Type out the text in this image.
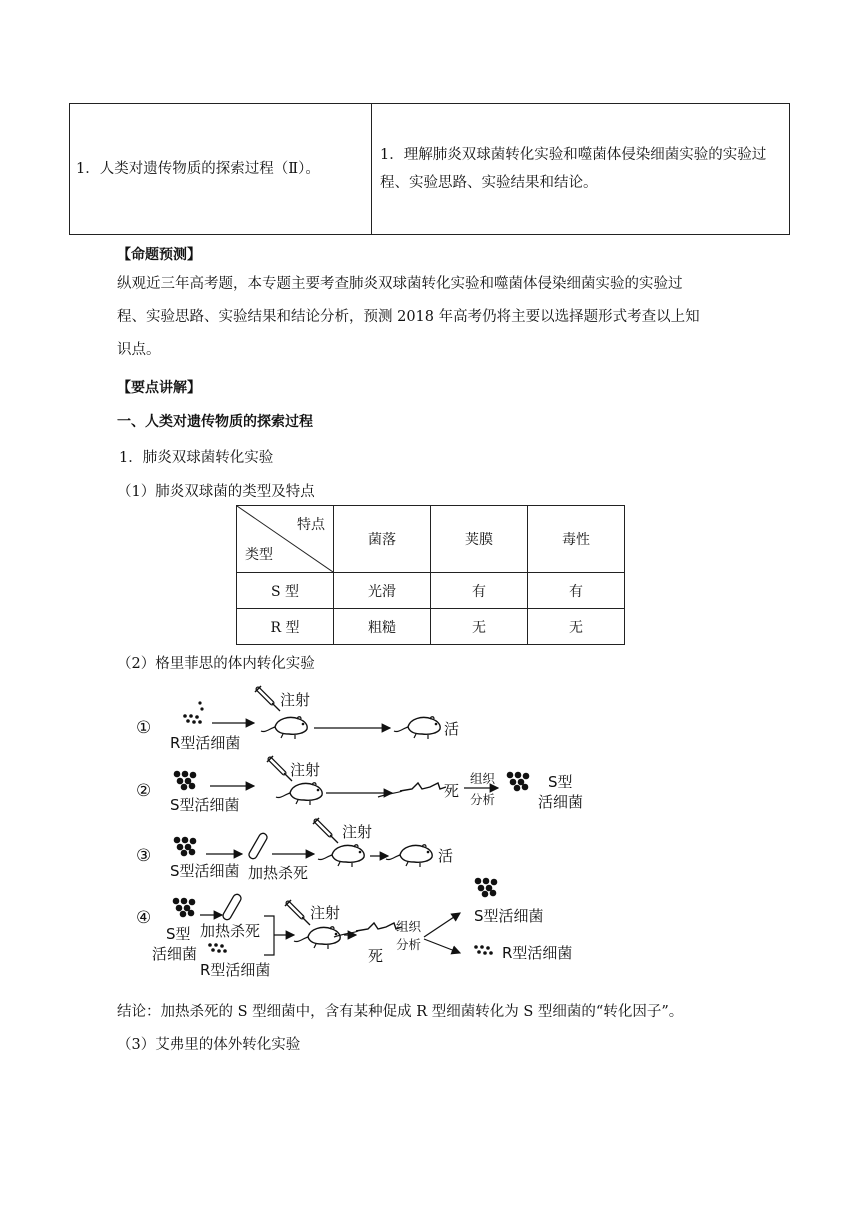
1．人类对遗传物质的探索过程（Ⅱ）。	1．理解肺炎双球菌转化实验和噬菌体侵染细菌实验的实验过程、实验思路、实验结果和结论。
【命题预测】
纵观近三年高考题，本专题主要考查肺炎双球菌转化实验和噬菌体侵染细菌实验的实验过
程、实验思路、实验结果和结论分析，预测 2018 年高考仍将主要以选择题形式考查以上知
识点。
【要点讲解】
一、人类对遗传物质的探索过程
1．肺炎双球菌转化实验
（1）肺炎双球菌的类型及特点
特点
类型	菌落	荚膜	毒性
S 型	光滑	有	有
R 型	粗糙	无	无
（2）格里菲思的体内转化实验
①
R型活细菌
注射
活
②
S型活细菌
注射
死
组织
分析
S型
活细菌
③
S型活细菌 加热杀死
注射
活
④
S型
活细菌
加热杀死
R型活细菌
注射
死
组织
分析
S型活细菌
R型活细菌
结论：加热杀死的 S 型细菌中，含有某种促成 R 型细菌转化为 S 型细菌的“转化因子”。
（3）艾弗里的体外转化实验
